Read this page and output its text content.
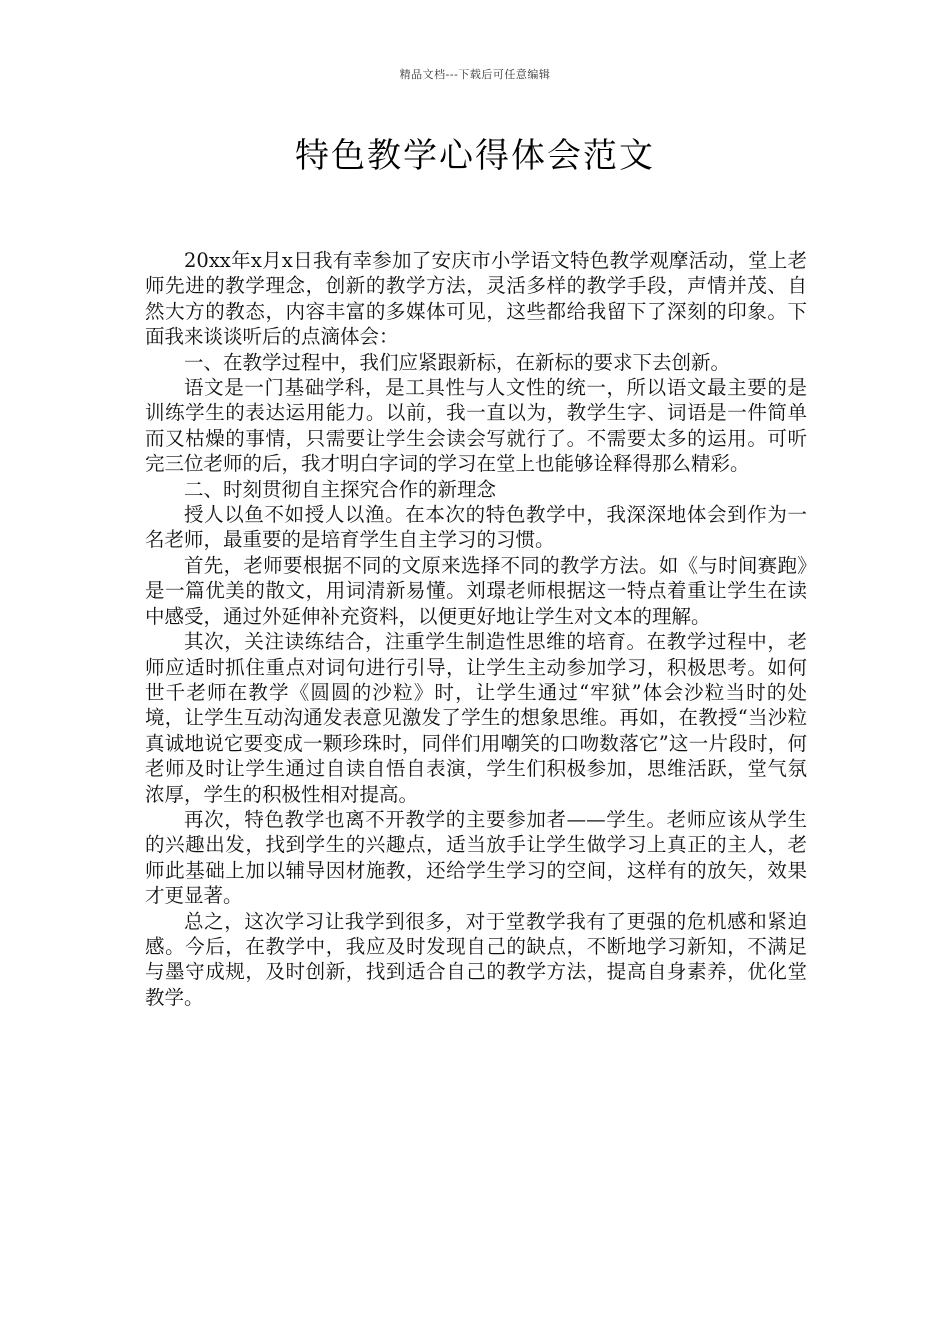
精品文档---下载后可任意编辑
特色教学心得体会范文

20xx年x月x日我有幸参加了安庆市小学语文特色教学观摩活动，堂上老师先进的教学理念，创新的教学方法，灵活多样的教学手段，声情并茂、自然大方的教态，内容丰富的多媒体可见，这些都给我留下了深刻的印象。下面我来谈谈听后的点滴体会：

一、在教学过程中，我们应紧跟新标，在新标的要求下去创新。

语文是一门基础学科，是工具性与人文性的统一，所以语文最主要的是训练学生的表达运用能力。以前，我一直以为，教学生字、词语是一件简单而又枯燥的事情，只需要让学生会读会写就行了。不需要太多的运用。可听完三位老师的后，我才明白字词的学习在堂上也能够诠释得那么精彩。

二、时刻贯彻自主探究合作的新理念

授人以鱼不如授人以渔。在本次的特色教学中，我深深地体会到作为一名老师，最重要的是培育学生自主学习的习惯。

首先，老师要根据不同的文原来选择不同的教学方法。如《与时间赛跑》是一篇优美的散文，用词清新易懂。刘璟老师根据这一特点着重让学生在读中感受，通过外延伸补充资料，以便更好地让学生对文本的理解。

其次，关注读练结合，注重学生制造性思维的培育。在教学过程中，老师应适时抓住重点对词句进行引导，让学生主动参加学习，积极思考。如何世千老师在教学《圆圆的沙粒》时，让学生通过“牢狱”体会沙粒当时的处境，让学生互动沟通发表意见激发了学生的想象思维。再如，在教授“当沙粒真诚地说它要变成一颗珍珠时，同伴们用嘲笑的口吻数落它”这一片段时，何老师及时让学生通过自读自悟自表演，学生们积极参加，思维活跃，堂气氛浓厚，学生的积极性相对提高。

再次，特色教学也离不开教学的主要参加者——学生。老师应该从学生的兴趣出发，找到学生的兴趣点，适当放手让学生做学习上真正的主人，老师此基础上加以辅导因材施教，还给学生学习的空间，这样有的放矢，效果才更显著。

总之，这次学习让我学到很多，对于堂教学我有了更强的危机感和紧迫感。今后，在教学中，我应及时发现自己的缺点，不断地学习新知，不满足与墨守成规，及时创新，找到适合自己的教学方法，提高自身素养，优化堂教学。
